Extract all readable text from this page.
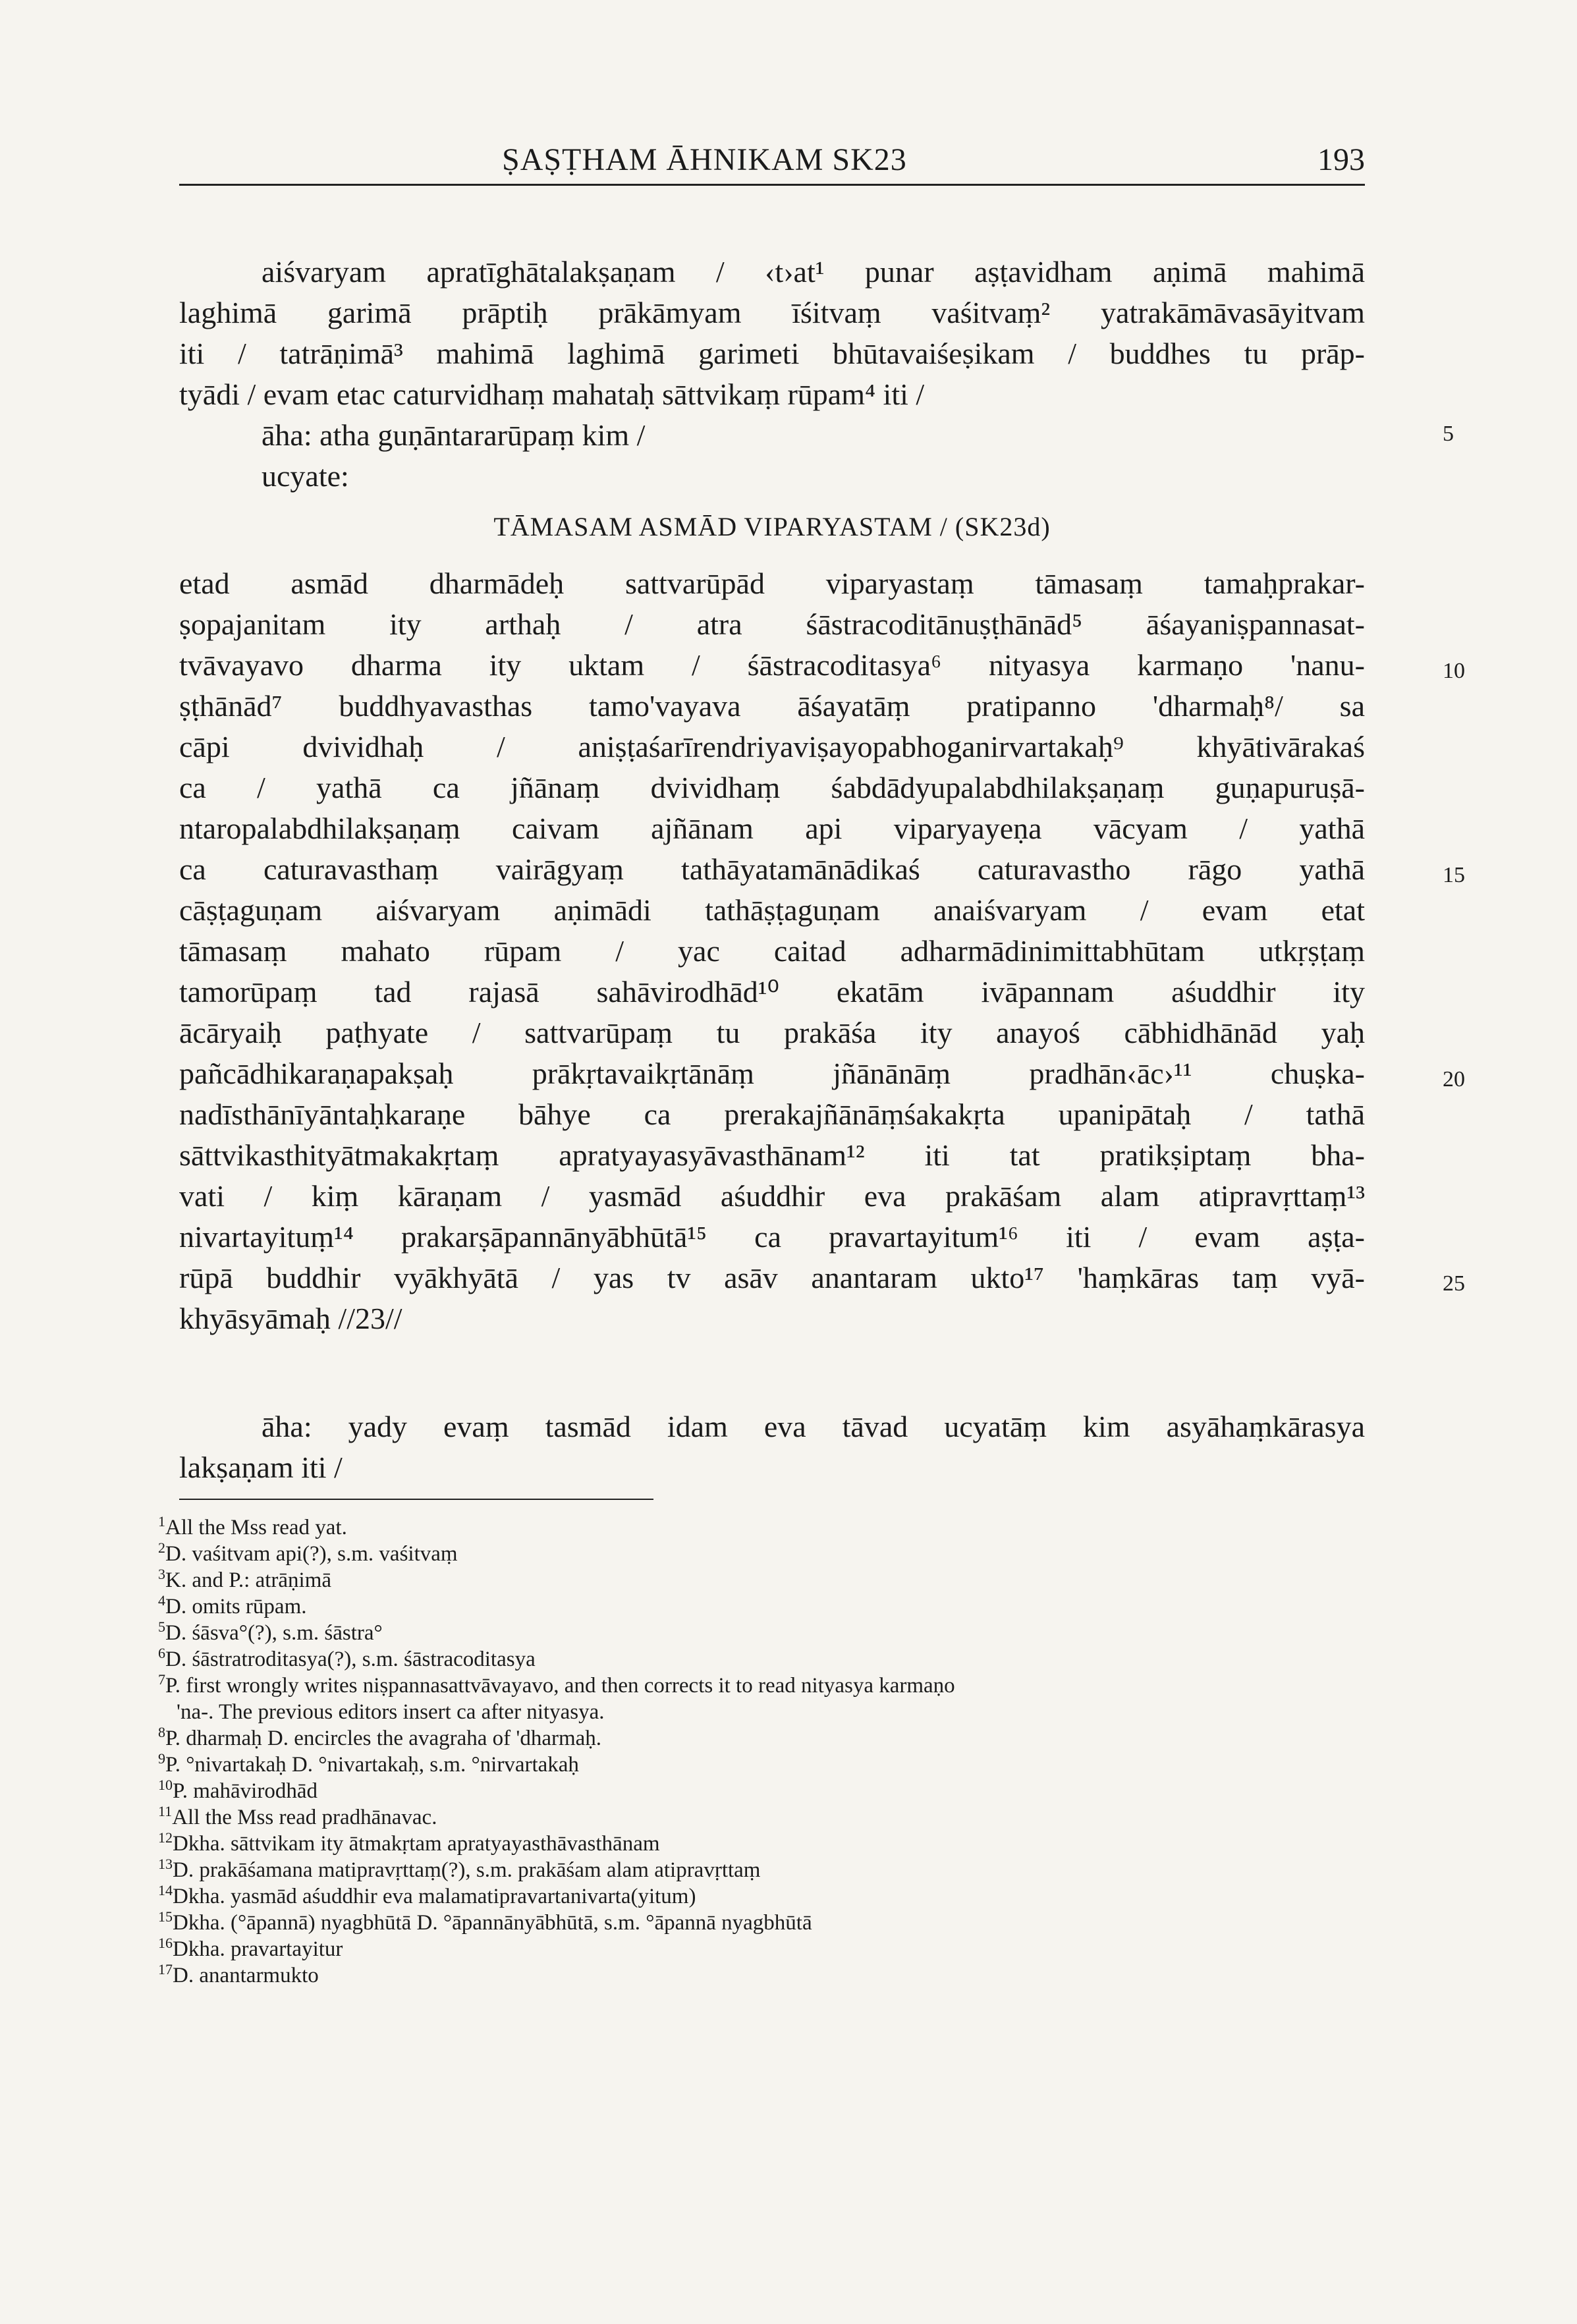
ṢAṢṬHAM ĀHNIKAM SK23	193
aiśvaryam apratīghātalakṣaṇam / ‹t›at¹ punar aṣṭavidham aṇimā mahimā
laghimā garimā prāptiḥ prākāmyam īśitvaṃ vaśitvaṃ² yatrakāmāvasāyitvam
iti / tatrāṇimā³ mahimā laghimā garimeti bhūtavaiśeṣikam / buddhes tu prāp-
tyādi / evam etac caturvidhaṃ mahataḥ sāttvikaṃ rūpam⁴ iti /
āha: atha guṇāntararūpaṃ kim /
ucyate:
5
TĀMASAM ASMĀD VIPARYASTAM / (SK23d)
etad asmād dharmādeḥ sattvarūpād viparyastaṃ tāmasaṃ tamaḥprakar-
ṣopajanitam ity arthaḥ / atra śāstracoditānuṣṭhānād⁵ āśayaniṣpannasat-
tvāvayavo dharma ity uktam / śāstracoditasya⁶ nityasya karmaṇo 'nanu-
ṣṭhānād⁷ buddhyavasthas tamo'vayava āśayatāṃ pratipanno 'dharmaḥ⁸/ sa
cāpi dvividhaḥ / aniṣṭaśarīrendriyaviṣayopabhoganirvartakaḥ⁹ khyātivārakaś
ca / yathā ca jñānaṃ dvividhaṃ śabdādyupalabdhilakṣaṇaṃ guṇapuruṣā-
ntaropalabdhilakṣaṇaṃ caivam ajñānam api viparyayeṇa vācyam / yathā
ca caturavasthaṃ vairāgyaṃ tathāyatamānādikaś caturavastho rāgo yathā
cāṣṭaguṇam aiśvaryam aṇimādi tathāṣṭaguṇam anaiśvaryam / evam etat
tāmasaṃ mahato rūpam / yac caitad adharmādinimittabhūtam utkṛṣṭaṃ
tamorūpaṃ tad rajasā sahāvirodhād¹⁰ ekatām ivāpannam aśuddhir ity
ācāryaiḥ paṭhyate / sattvarūpaṃ tu prakāśa ity anayoś cābhidhānād yaḥ
pañcādhikaraṇapakṣaḥ prākṛtavaikṛtānāṃ jñānānāṃ pradhān‹āc›¹¹ chuṣka-
nadīsthānīyāntaḥkaraṇe bāhye ca prerakajñānāṃśakakṛta upanipātaḥ / tathā
sāttvikasthityātmakakṛtaṃ apratyayasyāvasthānam¹² iti tat pratikṣiptaṃ bha-
vati / kiṃ kāraṇam / yasmād aśuddhir eva prakāśam alam atipravṛttaṃ¹³
nivartayituṃ¹⁴ prakarṣāpannānyābhūtā¹⁵ ca pravartayitum¹⁶ iti / evam aṣṭa-
rūpā buddhir vyākhyātā / yas tv asāv anantaram ukto¹⁷ 'haṃkāras taṃ vyā-
khyāsyāmaḥ //23//
10
15
20
25
āha: yady evaṃ tasmād idam eva tāvad ucyatāṃ kim asyāhaṃkārasya
lakṣaṇam iti /
$^1$All the Mss read yat.
$^2$D. vaśitvam api(?), s.m. vaśitvaṃ
$^3$K. and P.: atrāṇimā
$^4$D. omits rūpam.
$^5$D. śāsva°(?), s.m. śāstra°
$^6$D. śāstratroditasya(?), s.m. śāstracoditasya
$^7$P. first wrongly writes niṣpannasattvāvayavo, and then corrects it to read nityasya karmaṇo
'na-. The previous editors insert ca after nityasya.
$^8$P. dharmaḥ D. encircles the avagraha of 'dharmaḥ.
$^9$P. °nivartakaḥ D. °nivartakaḥ, s.m. °nirvartakaḥ
$^{10}$P. mahāvirodhād
$^{11}$All the Mss read pradhānavac.
$^{12}$Dkha. sāttvikam ity ātmakṛtam apratyayasthāvasthānam
$^{13}$D. prakāśamana matipravṛttaṃ(?), s.m. prakāśam alam atipravṛttaṃ
$^{14}$Dkha. yasmād aśuddhir eva malamatipravartanivarta(yitum)
$^{15}$Dkha. (°āpannā) nyagbhūtā D. °āpannānyābhūtā, s.m. °āpannā nyagbhūtā
$^{16}$Dkha. pravartayitur
$^{17}$D. anantarmukto
